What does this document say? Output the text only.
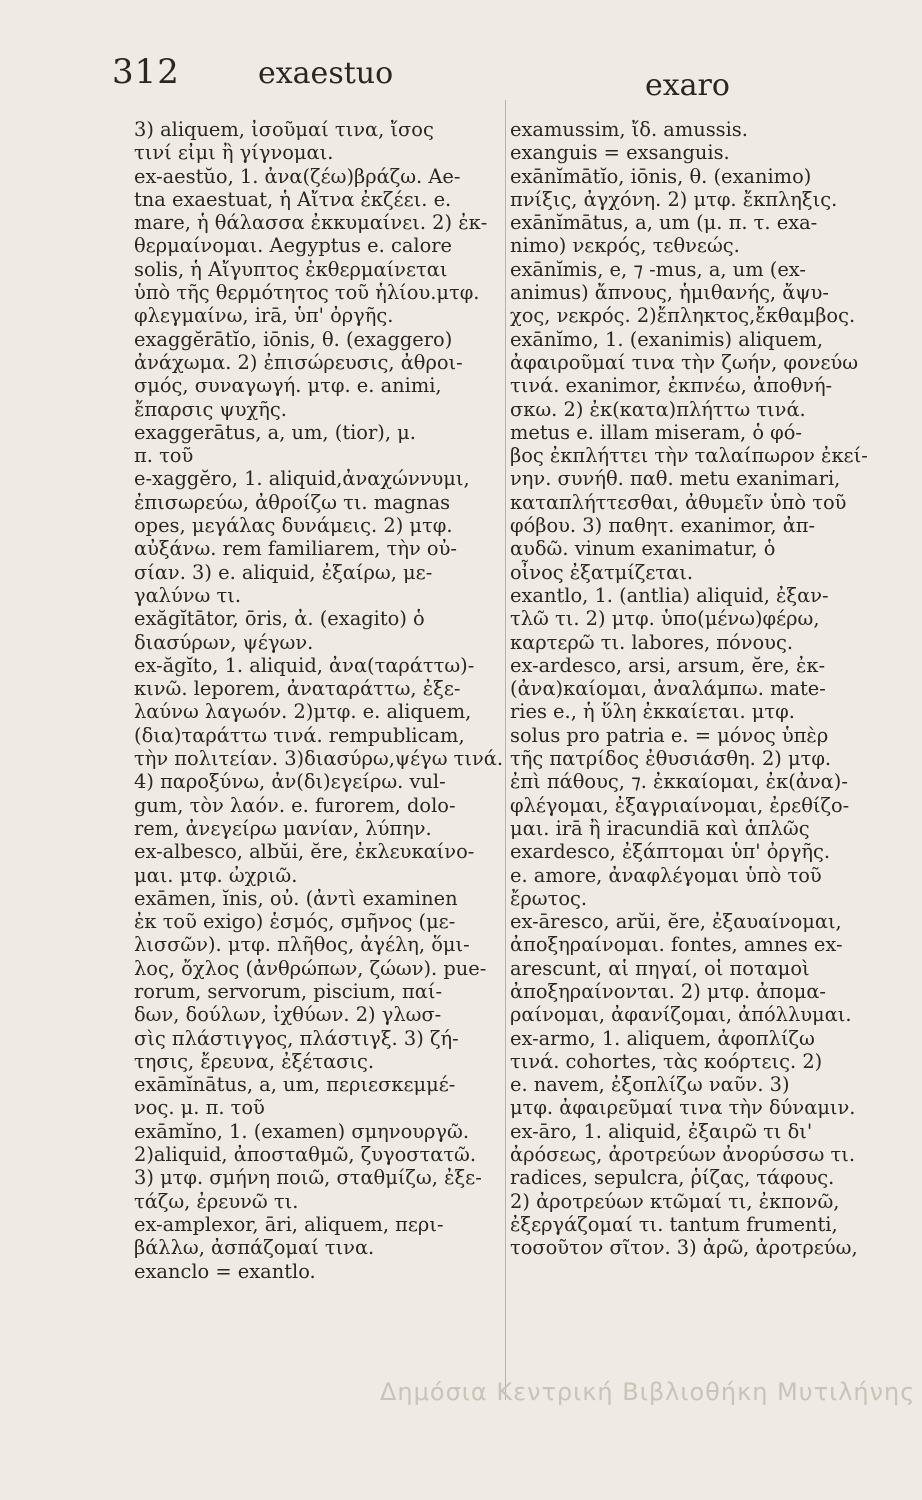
312	exaestuo	exaro
3) aliquem, ἰσοῦμαί τινα, ἴσος
τινί εἰμι ἢ γίγνομαι.
ex-aestŭo, 1. ἀνα(ζέω)βράζω. Ae-
tna exaestuat, ἡ Αἴτνα ἐκζέει. e.
mare, ἡ θάλασσα ἐκκυμαίνει. 2) ἐκ-
θερμαίνομαι. Aegyptus e. calore
solis, ἡ Αἴγυπτος ἐκθερμαίνεται
ὑπὸ τῆς θερμότητος τοῦ ἡλίου.μτφ.
φλεγμαίνω, irā, ὑπ' ὀργῆς.
exaggĕrātĭo, iōnis, θ. (exaggero)
ἀνάχωμα. 2) ἐπισώρευσις, ἀθροι-
σμός, συναγωγή. μτφ. e. animi,
ἔπαρσις ψυχῆς.
exaggerātus, a, um, (tior), μ.
π. τοῦ
e-xaggĕro, 1. aliquid,ἀναχώννυμι,
ἐπισωρεύω, ἀθροίζω τι. magnas
opes, μεγάλας δυνάμεις. 2) μτφ.
αὐξάνω. rem familiarem, τὴν οὐ-
σίαν. 3) e. aliquid, ἐξαίρω, με-
γαλύνω τι.
exăgĭtātor, ōris, ἀ. (exagito) ὁ
διασύρων, ψέγων.
ex-ăgĭto, 1. aliquid, ἀνα(ταράττω)-
κινῶ. leporem, ἀναταράττω, ἐξε-
λαύνω λαγωόν. 2)μτφ. e. aliquem,
(δια)ταράττω τινά. rempublicam,
τὴν πολιτείαν. 3)διασύρω,ψέγω τινά.
4) παροξύνω, ἀν(δι)εγείρω. vul-
gum, τὸν λαόν. e. furorem, dolo-
rem, ἀνεγείρω μανίαν, λύπην.
ex-albesco, albŭi, ĕre, ἐκλευκαίνο-
μαι. μτφ. ὠχριῶ.
exāmen, ĭnis, οὐ. (ἀντὶ examinen
ἐκ τοῦ exigo) ἑσμός, σμῆνος (με-
λισσῶν). μτφ. πλῆθος, ἀγέλη, ὅμι-
λος, ὄχλος (ἀνθρώπων, ζώων). pue-
rorum, servorum, piscium, παί-
δων, δούλων, ἰχθύων. 2) γλωσ-
σὶς πλάστιγγος, πλάστιγξ. 3) ζή-
τησις, ἔρευνα, ἐξέτασις.
exāmĭnātus, a, um, περιεσκεμμέ-
νος. μ. π. τοῦ
exāmĭno, 1. (examen) σμηνουργῶ.
2)aliquid, ἀποσταθμῶ, ζυγοστατῶ.
3) μτφ. σμήνη ποιῶ, σταθμίζω, ἐξε-
τάζω, ἐρευνῶ τι.
ex-amplexor, āri, aliquem, περι-
βάλλω, ἀσπάζομαί τινα.
exanclo = exantlo.
examussim, ἴδ. amussis.
exanguis = exsanguis.
exānĭmātĭo, iōnis, θ. (exanimo)
πνίξις, ἀγχόνη. 2) μτφ. ἔκπληξις.
exānĭmātus, a, um (μ. π. τ. exa-
nimo) νεκρός, τεθνεώς.
exānĭmis, e, ⁊ -mus, a, um (ex-
animus) ἄπνους, ἡμιθανής, ἄψυ-
χος, νεκρός. 2)ἔπληκτος,ἔκθαμβος.
exānĭmo, 1. (exanimis) aliquem,
ἀφαιροῦμαί τινα τὴν ζωήν, φονεύω
τινά. exanimor, ἐκπνέω, ἀποθνή-
σκω. 2) ἐκ(κατα)πλήττω τινά.
metus e. illam miseram, ὁ φό-
βος ἐκπλήττει τὴν ταλαίπωρον ἐκεί-
νην. συνήθ. παθ. metu exanimari,
καταπλήττεσθαι, ἀθυμεῖν ὑπὸ τοῦ
φόβου. 3) παθητ. exanimor, ἀπ-
αυδῶ. vinum exanimatur, ὁ
οἶνος ἐξατμίζεται.
exantlo, 1. (antlia) aliquid, ἐξαν-
τλῶ τι. 2) μτφ. ὑπο(μένω)φέρω,
καρτερῶ τι. labores, πόνους.
ex-ardesco, arsi, arsum, ĕre, ἐκ-
(ἀνα)καίομαι, ἀναλάμπω. mate-
ries e., ἡ ὕλη ἐκκαίεται. μτφ.
solus pro patria e. = μόνος ὑπὲρ
τῆς πατρίδος ἐθυσιάσθη. 2) μτφ.
ἐπὶ πάθους, ⁊. ἐκκαίομαι, ἐκ(ἀνα)-
φλέγομαι, ἐξαγριαίνομαι, ἐρεθίζο-
μαι. irā ἢ iracundiā καὶ ἁπλῶς
exardesco, ἐξάπτομαι ὑπ' ὀργῆς.
e. amore, ἀναφλέγομαι ὑπὸ τοῦ
ἔρωτος.
ex-āresco, arŭi, ĕre, ἐξαυαίνομαι,
ἀποξηραίνομαι. fontes, amnes ex-
arescunt, αἱ πηγαί, οἱ ποταμοὶ
ἀποξηραίνονται. 2) μτφ. ἀπομα-
ραίνομαι, ἀφανίζομαι, ἀπόλλυμαι.
ex-armo, 1. aliquem, ἀφοπλίζω
τινά. cohortes, τὰς κοόρτεις. 2)
e. navem, ἐξοπλίζω ναῦν. 3)
μτφ. ἀφαιρεῦμαί τινα τὴν δύναμιν.
ex-āro, 1. aliquid, ἐξαιρῶ τι δι'
ἀρόσεως, ἀροτρεύων ἀνορύσσω τι.
radices, sepulcra, ῥίζας, τάφους.
2) ἀροτρεύων κτῶμαί τι, ἐκπονῶ,
ἐξεργάζομαί τι. tantum frumenti,
τοσοῦτον σῖτον. 3) ἀρῶ, ἀροτρεύω,
Δημόσια Κεντρική Βιβλιοθήκη Μυτιλήνης
